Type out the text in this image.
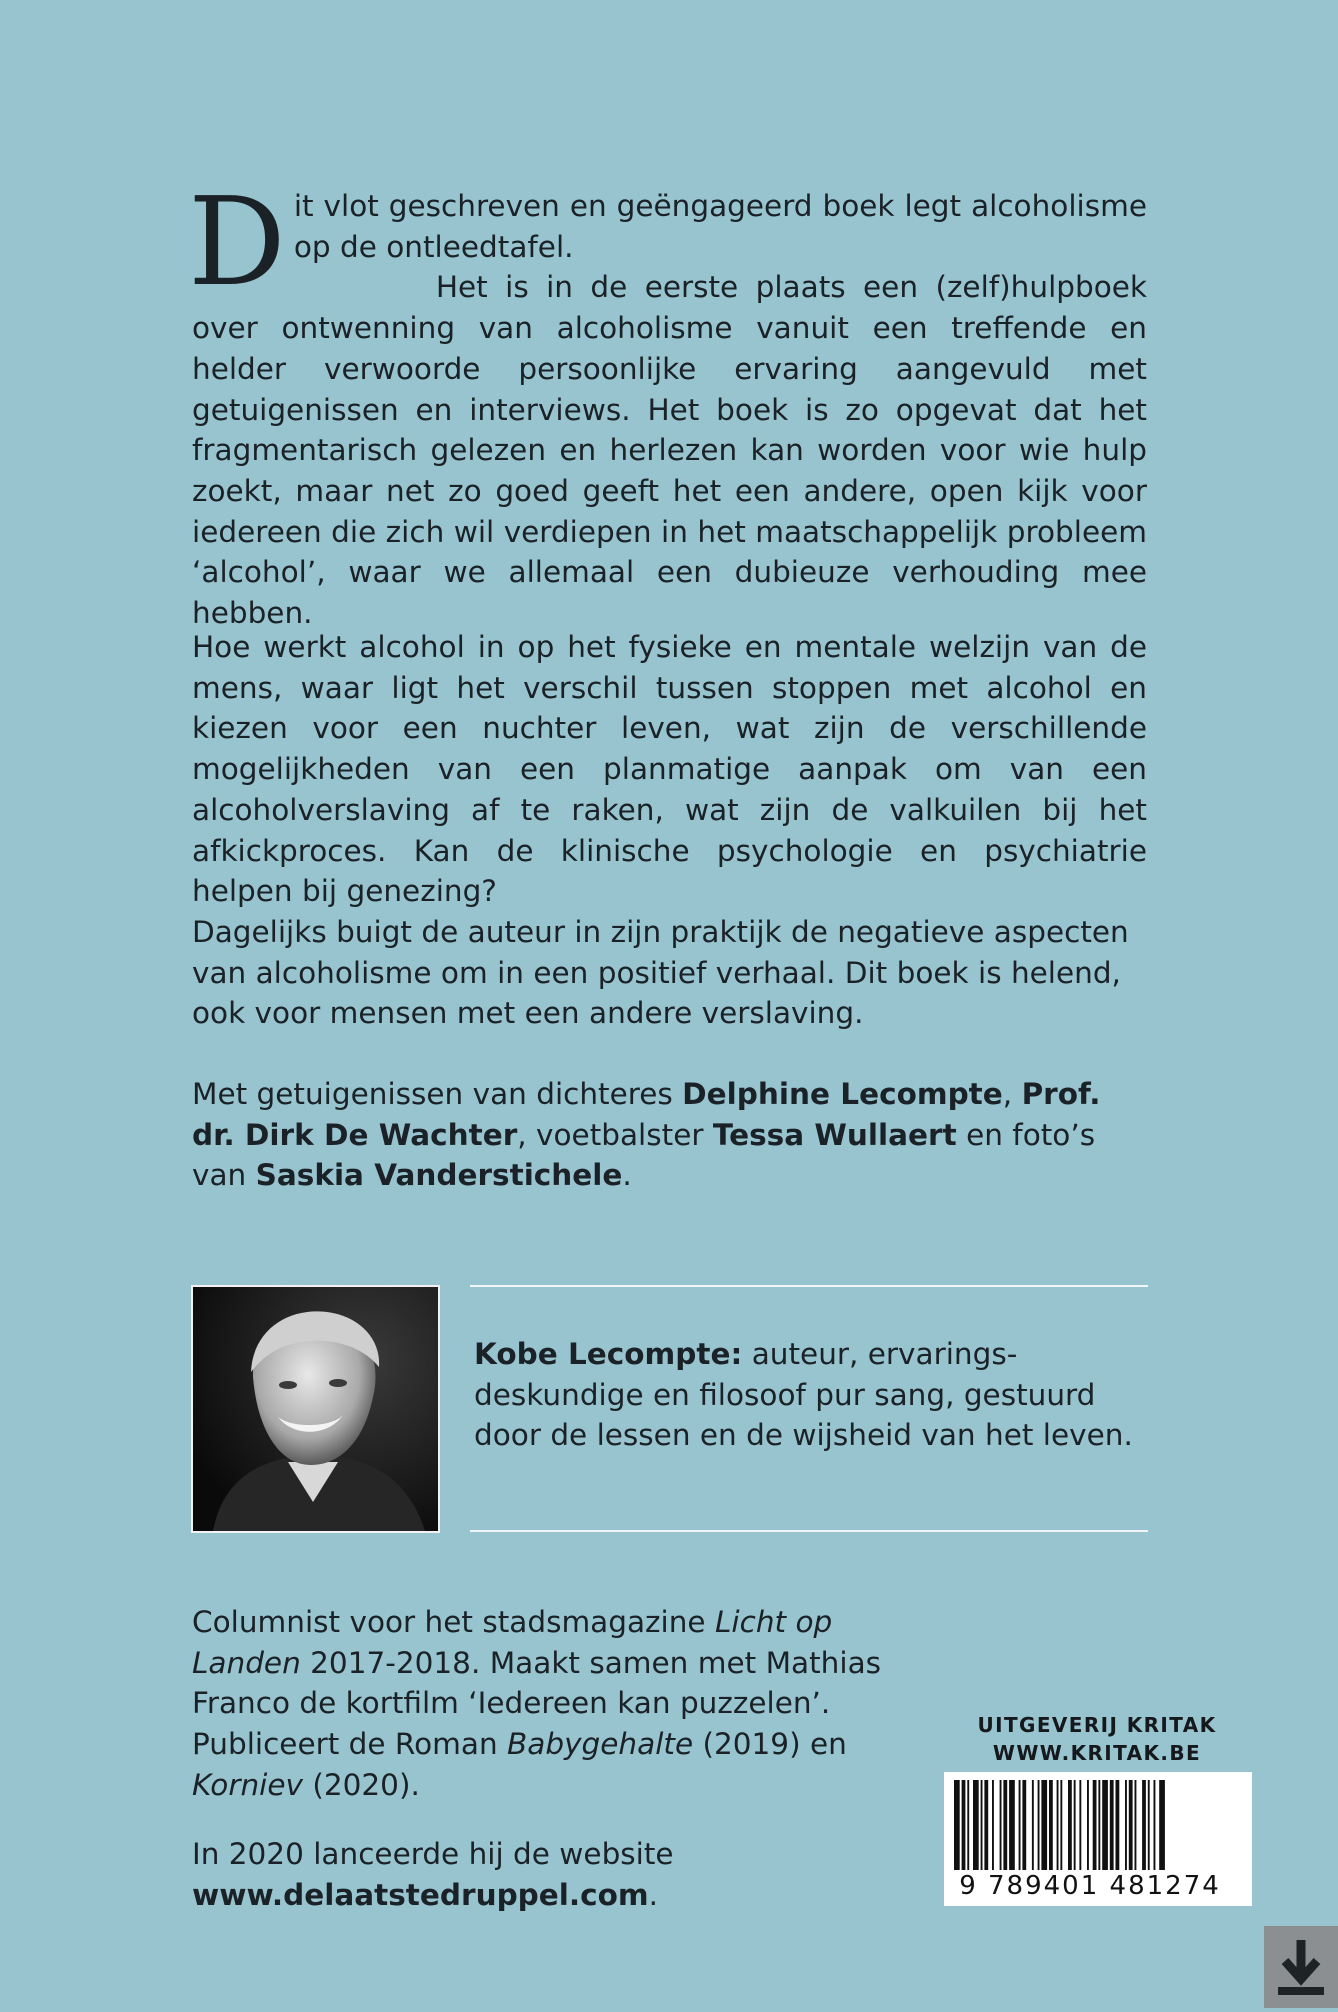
D it vlot geschreven en geëngageerd boek legt alcoholisme op de ontleedtafel.
Het is in de eerste plaats een (zelf)hulpboek over ontwenning van alcoholisme vanuit een treffende en helder verwoorde persoonlijke ervaring aangevuld met getuigenissen en interviews. Het boek is zo opgevat dat het fragmentarisch gelezen en herlezen kan worden voor wie hulp zoekt, maar net zo goed geeft het een andere, open kijk voor iedereen die zich wil verdiepen in het maatschappelijk probleem ‘alcohol’, waar we allemaal een dubieuze verhouding mee hebben.

Hoe werkt alcohol in op het fysieke en mentale welzijn van de mens, waar ligt het verschil tussen stoppen met alcohol en kiezen voor een nuchter leven, wat zijn de verschillende mogelijkheden van een planmatige aanpak om van een alcoholverslaving af te raken, wat zijn de valkuilen bij het afkickproces. Kan de klinische psychologie en psychiatrie helpen bij genezing?

Dagelijks buigt de auteur in zijn praktijk de negatieve aspecten van alcoholisme om in een positief verhaal. Dit boek is helend, ook voor mensen met een andere verslaving.

Met getuigenissen van dichteres Delphine Lecompte, Prof. dr. Dirk De Wachter, voetbalster Tessa Wullaert en foto’s van Saskia Vanderstichele.

Kobe Lecompte: auteur, ervarings-deskundige en filosoof pur sang, gestuurd door de lessen en de wijsheid van het leven.

Columnist voor het stadsmagazine Licht op Landen 2017-2018. Maakt samen met Mathias Franco de kortfilm ‘Iedereen kan puzzelen’. Publiceert de Roman Babygehalte (2019) en Korniev (2020).

In 2020 lanceerde hij de website
www.delaatstedruppel.com.

UITGEVERIJ KRITAK
WWW.KRITAK.BE
9 789401 481274
